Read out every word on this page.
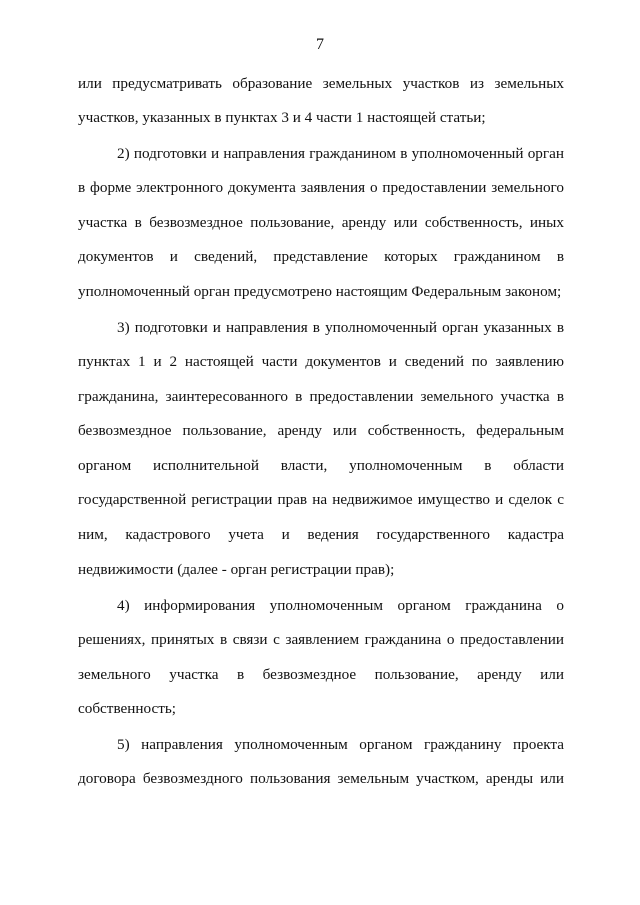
7
или предусматривать образование земельных участков из земельных
участков, указанных в пунктах 3 и 4 части 1 настоящей статьи;
2) подготовки и направления гражданином в уполномоченный орган
в форме электронного документа заявления о предоставлении земельного
участка в безвозмездное пользование, аренду или собственность, иных
документов и сведений, представление которых гражданином в
уполномоченный орган предусмотрено настоящим Федеральным законом;
3) подготовки и направления в уполномоченный орган указанных в
пунктах 1 и 2 настоящей части документов и сведений по заявлению
гражданина, заинтересованного в предоставлении земельного участка в
безвозмездное пользование, аренду или собственность, федеральным
органом исполнительной власти, уполномоченным в области
государственной регистрации прав на недвижимое имущество и сделок с
ним, кадастрового учета и ведения государственного кадастра
недвижимости (далее - орган регистрации прав);
4) информирования уполномоченным органом гражданина о
решениях, принятых в связи с заявлением гражданина о предоставлении
земельного участка в безвозмездное пользование, аренду или
собственность;
5) направления уполномоченным органом гражданину проекта
договора безвозмездного пользования земельным участком, аренды или
